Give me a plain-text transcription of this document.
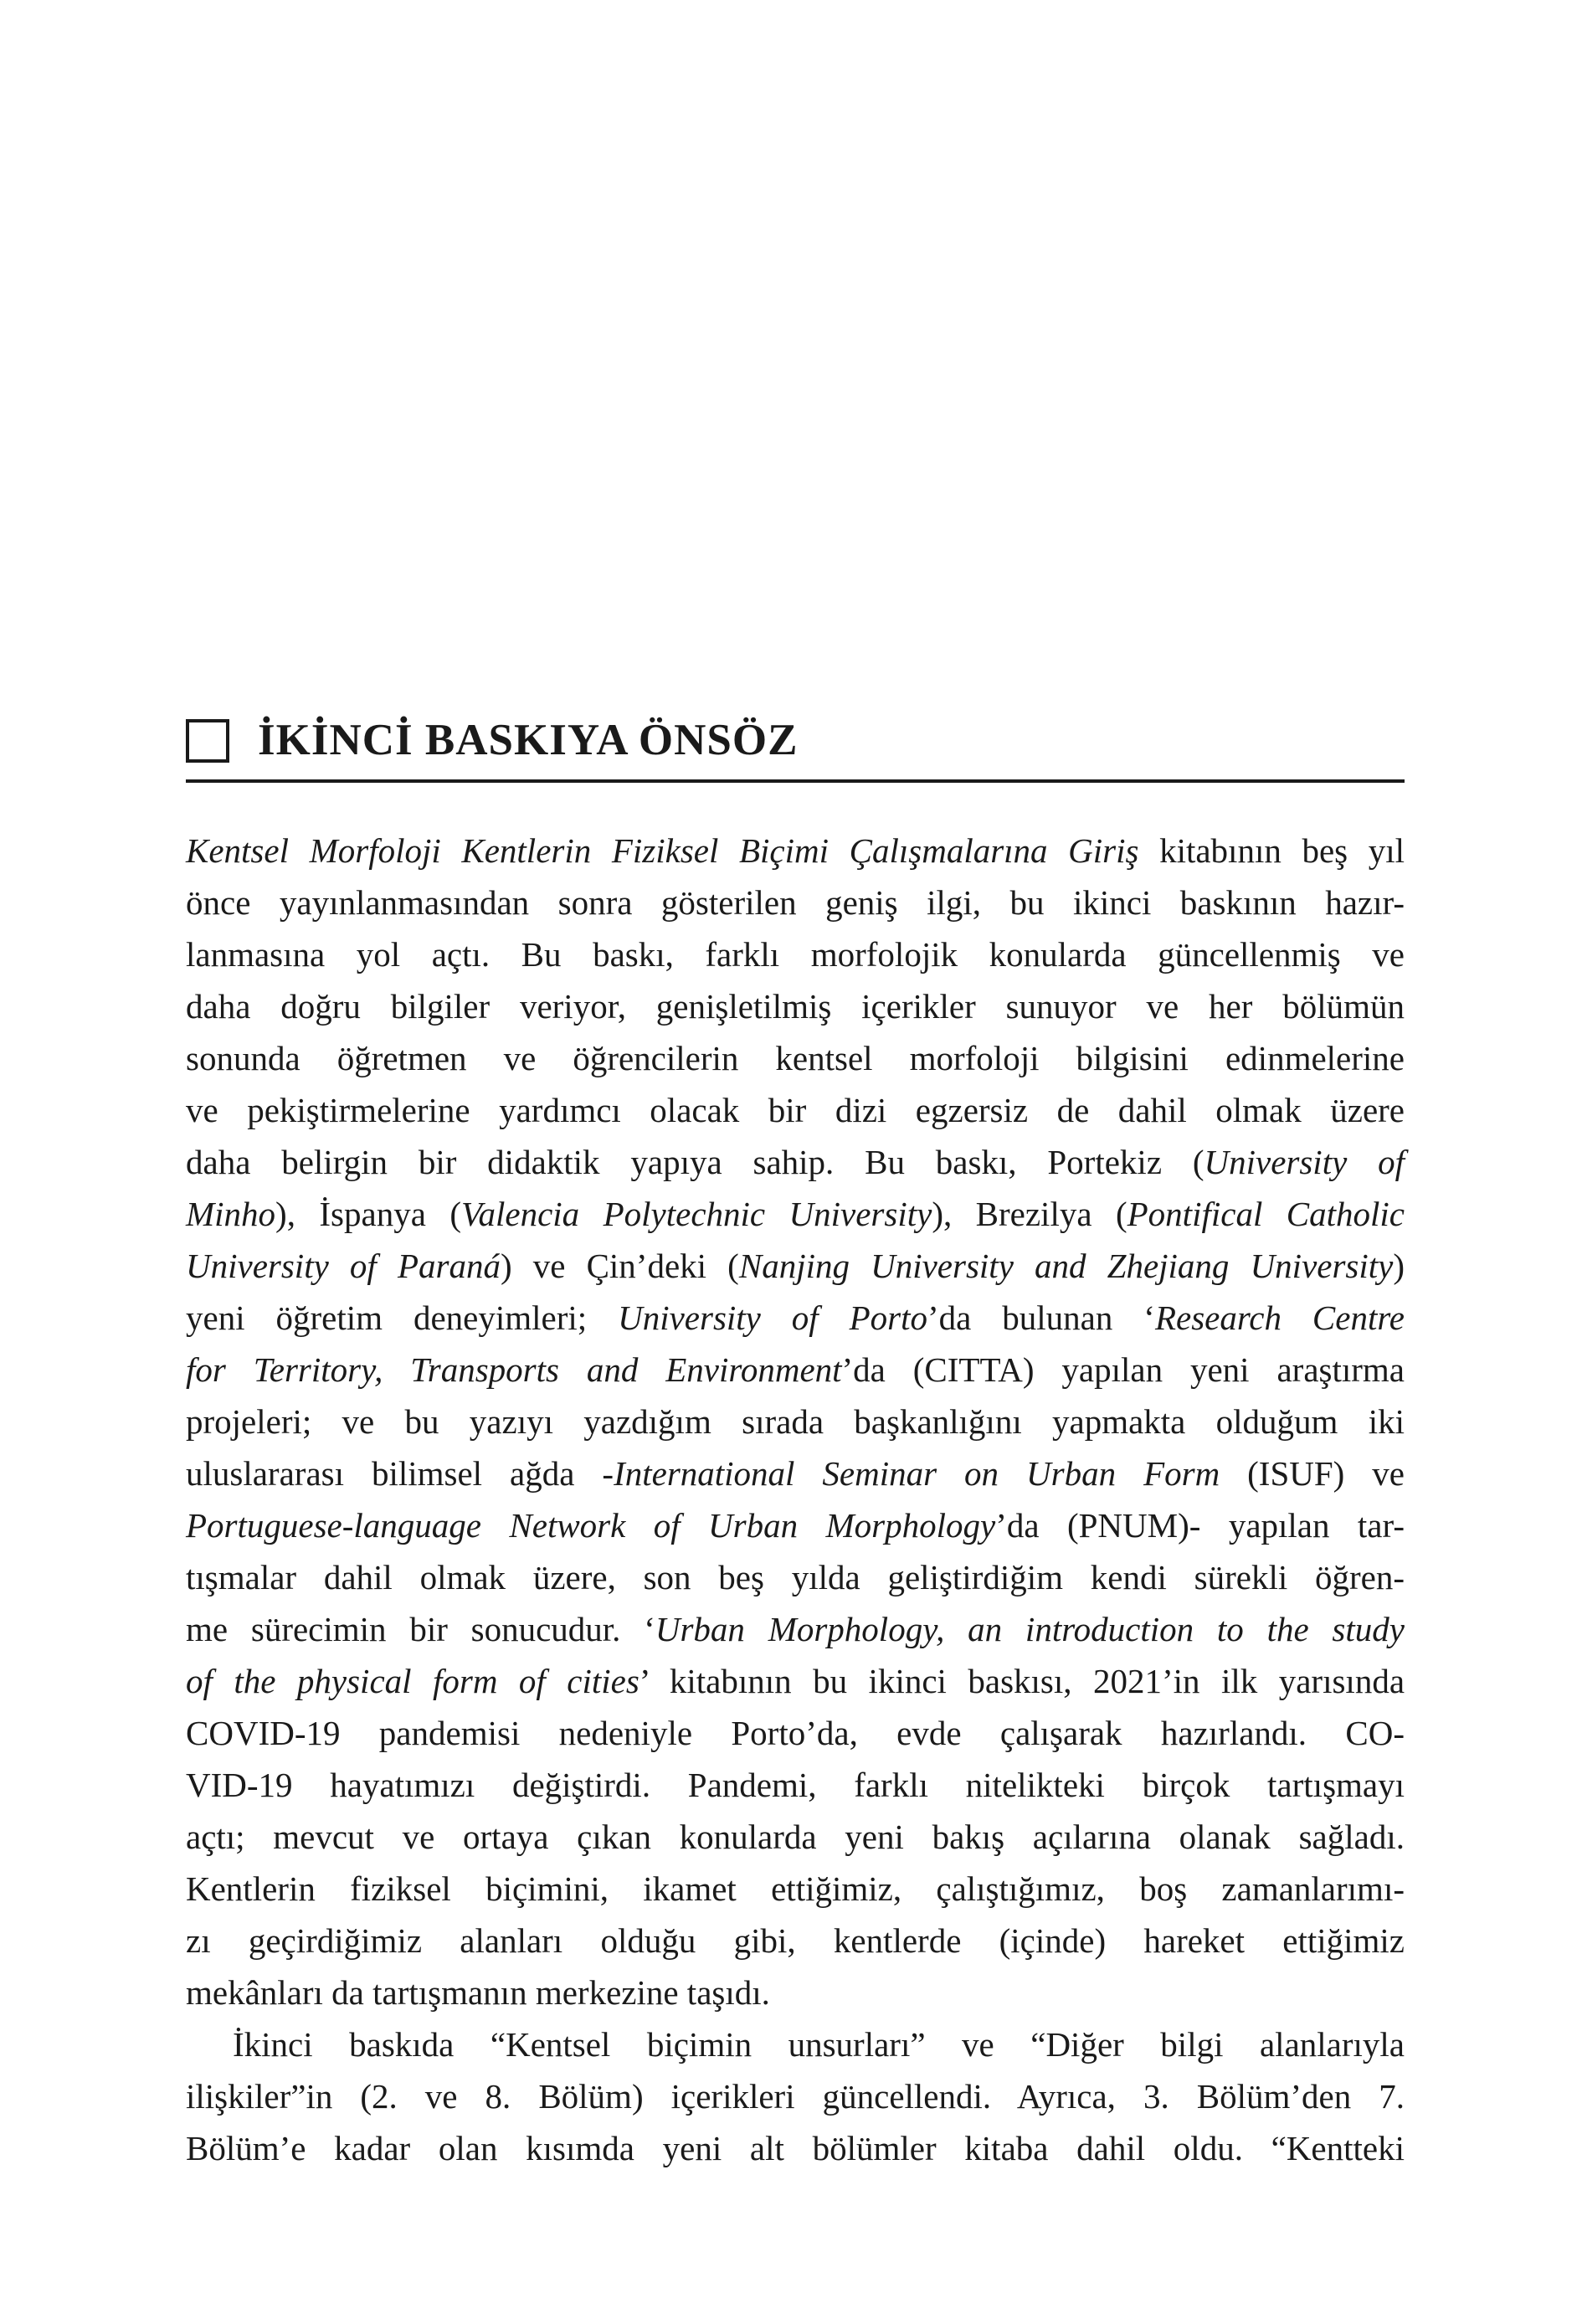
İKİNCİ BASKIYA ÖNSÖZ
Kentsel Morfoloji Kentlerin Fiziksel Biçimi Çalışmalarına Giriş kitabının beş yıl
önce yayınlanmasından sonra gösterilen geniş ilgi, bu ikinci baskının hazır-
lanmasına yol açtı. Bu baskı, farklı morfolojik konularda güncellenmiş ve
daha doğru bilgiler veriyor, genişletilmiş içerikler sunuyor ve her bölümün
sonunda öğretmen ve öğrencilerin kentsel morfoloji bilgisini edinmelerine
ve pekiştirmelerine yardımcı olacak bir dizi egzersiz de dahil olmak üzere
daha belirgin bir didaktik yapıya sahip. Bu baskı, Portekiz (University of
Minho), İspanya (Valencia Polytechnic University), Brezilya (Pontifical Catholic
University of Paraná) ve Çin’deki (Nanjing University and Zhejiang University)
yeni öğretim deneyimleri; University of Porto’da bulunan ‘Research Centre
for Territory, Transports and Environment’da (CITTA) yapılan yeni araştırma
projeleri; ve bu yazıyı yazdığım sırada başkanlığını yapmakta olduğum iki
uluslararası bilimsel ağda -International Seminar on Urban Form (ISUF) ve
Portuguese-language Network of Urban Morphology’da (PNUM)- yapılan tar-
tışmalar dahil olmak üzere, son beş yılda geliştirdiğim kendi sürekli öğren-
me sürecimin bir sonucudur. ‘Urban Morphology, an introduction to the study
of the physical form of cities’ kitabının bu ikinci baskısı, 2021’in ilk yarısında
COVID-19 pandemisi nedeniyle Porto’da, evde çalışarak hazırlandı. CO-
VID-19 hayatımızı değiştirdi. Pandemi, farklı nitelikteki birçok tartışmayı
açtı; mevcut ve ortaya çıkan konularda yeni bakış açılarına olanak sağladı.
Kentlerin fiziksel biçimini, ikamet ettiğimiz, çalıştığımız, boş zamanlarımı-
zı geçirdiğimiz alanları olduğu gibi, kentlerde (içinde) hareket ettiğimiz
mekânları da tartışmanın merkezine taşıdı.
İkinci baskıda “Kentsel biçimin unsurları” ve “Diğer bilgi alanlarıyla
ilişkiler”in (2. ve 8. Bölüm) içerikleri güncellendi. Ayrıca, 3. Bölüm’den 7.
Bölüm’e kadar olan kısımda yeni alt bölümler kitaba dahil oldu. “Kentteki
